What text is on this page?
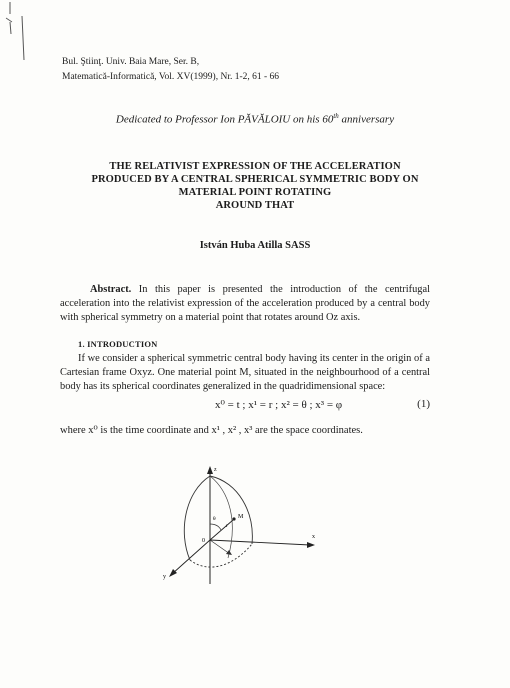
Bul. Ştiinţ. Univ. Baia Mare, Ser. B,
Matematică-Informatică, Vol. XV(1999), Nr. 1-2, 61 - 66
Dedicated to Professor Ion PĂVĂLOIU on his 60th anniversary
THE RELATIVIST EXPRESSION OF THE ACCELERATION
PRODUCED BY A CENTRAL SPHERICAL SYMMETRIC BODY ON
MATERIAL POINT ROTATING
AROUND THAT
István Huba Atilla SASS
Abstract. In this paper is presented the introduction of the centrifugal acceleration into the relativist expression of the acceleration produced by a central body with spherical symmetry on a material point that rotates around Oz axis.
1. INTRODUCTION
If we consider a spherical symmetric central body having its center in the origin of a Cartesian frame Oxyz. One material point M, situated in the neighbourhood of a central body has its spherical coordinates generalized in the quadridimensional space:
x⁰ = t ; x¹ = r ; x² = θ ; x³ = φ	(1)
where x⁰ is the time coordinate and x¹ , x² , x³ are the space coordinates.
z
x
y
0
M
θ
r
